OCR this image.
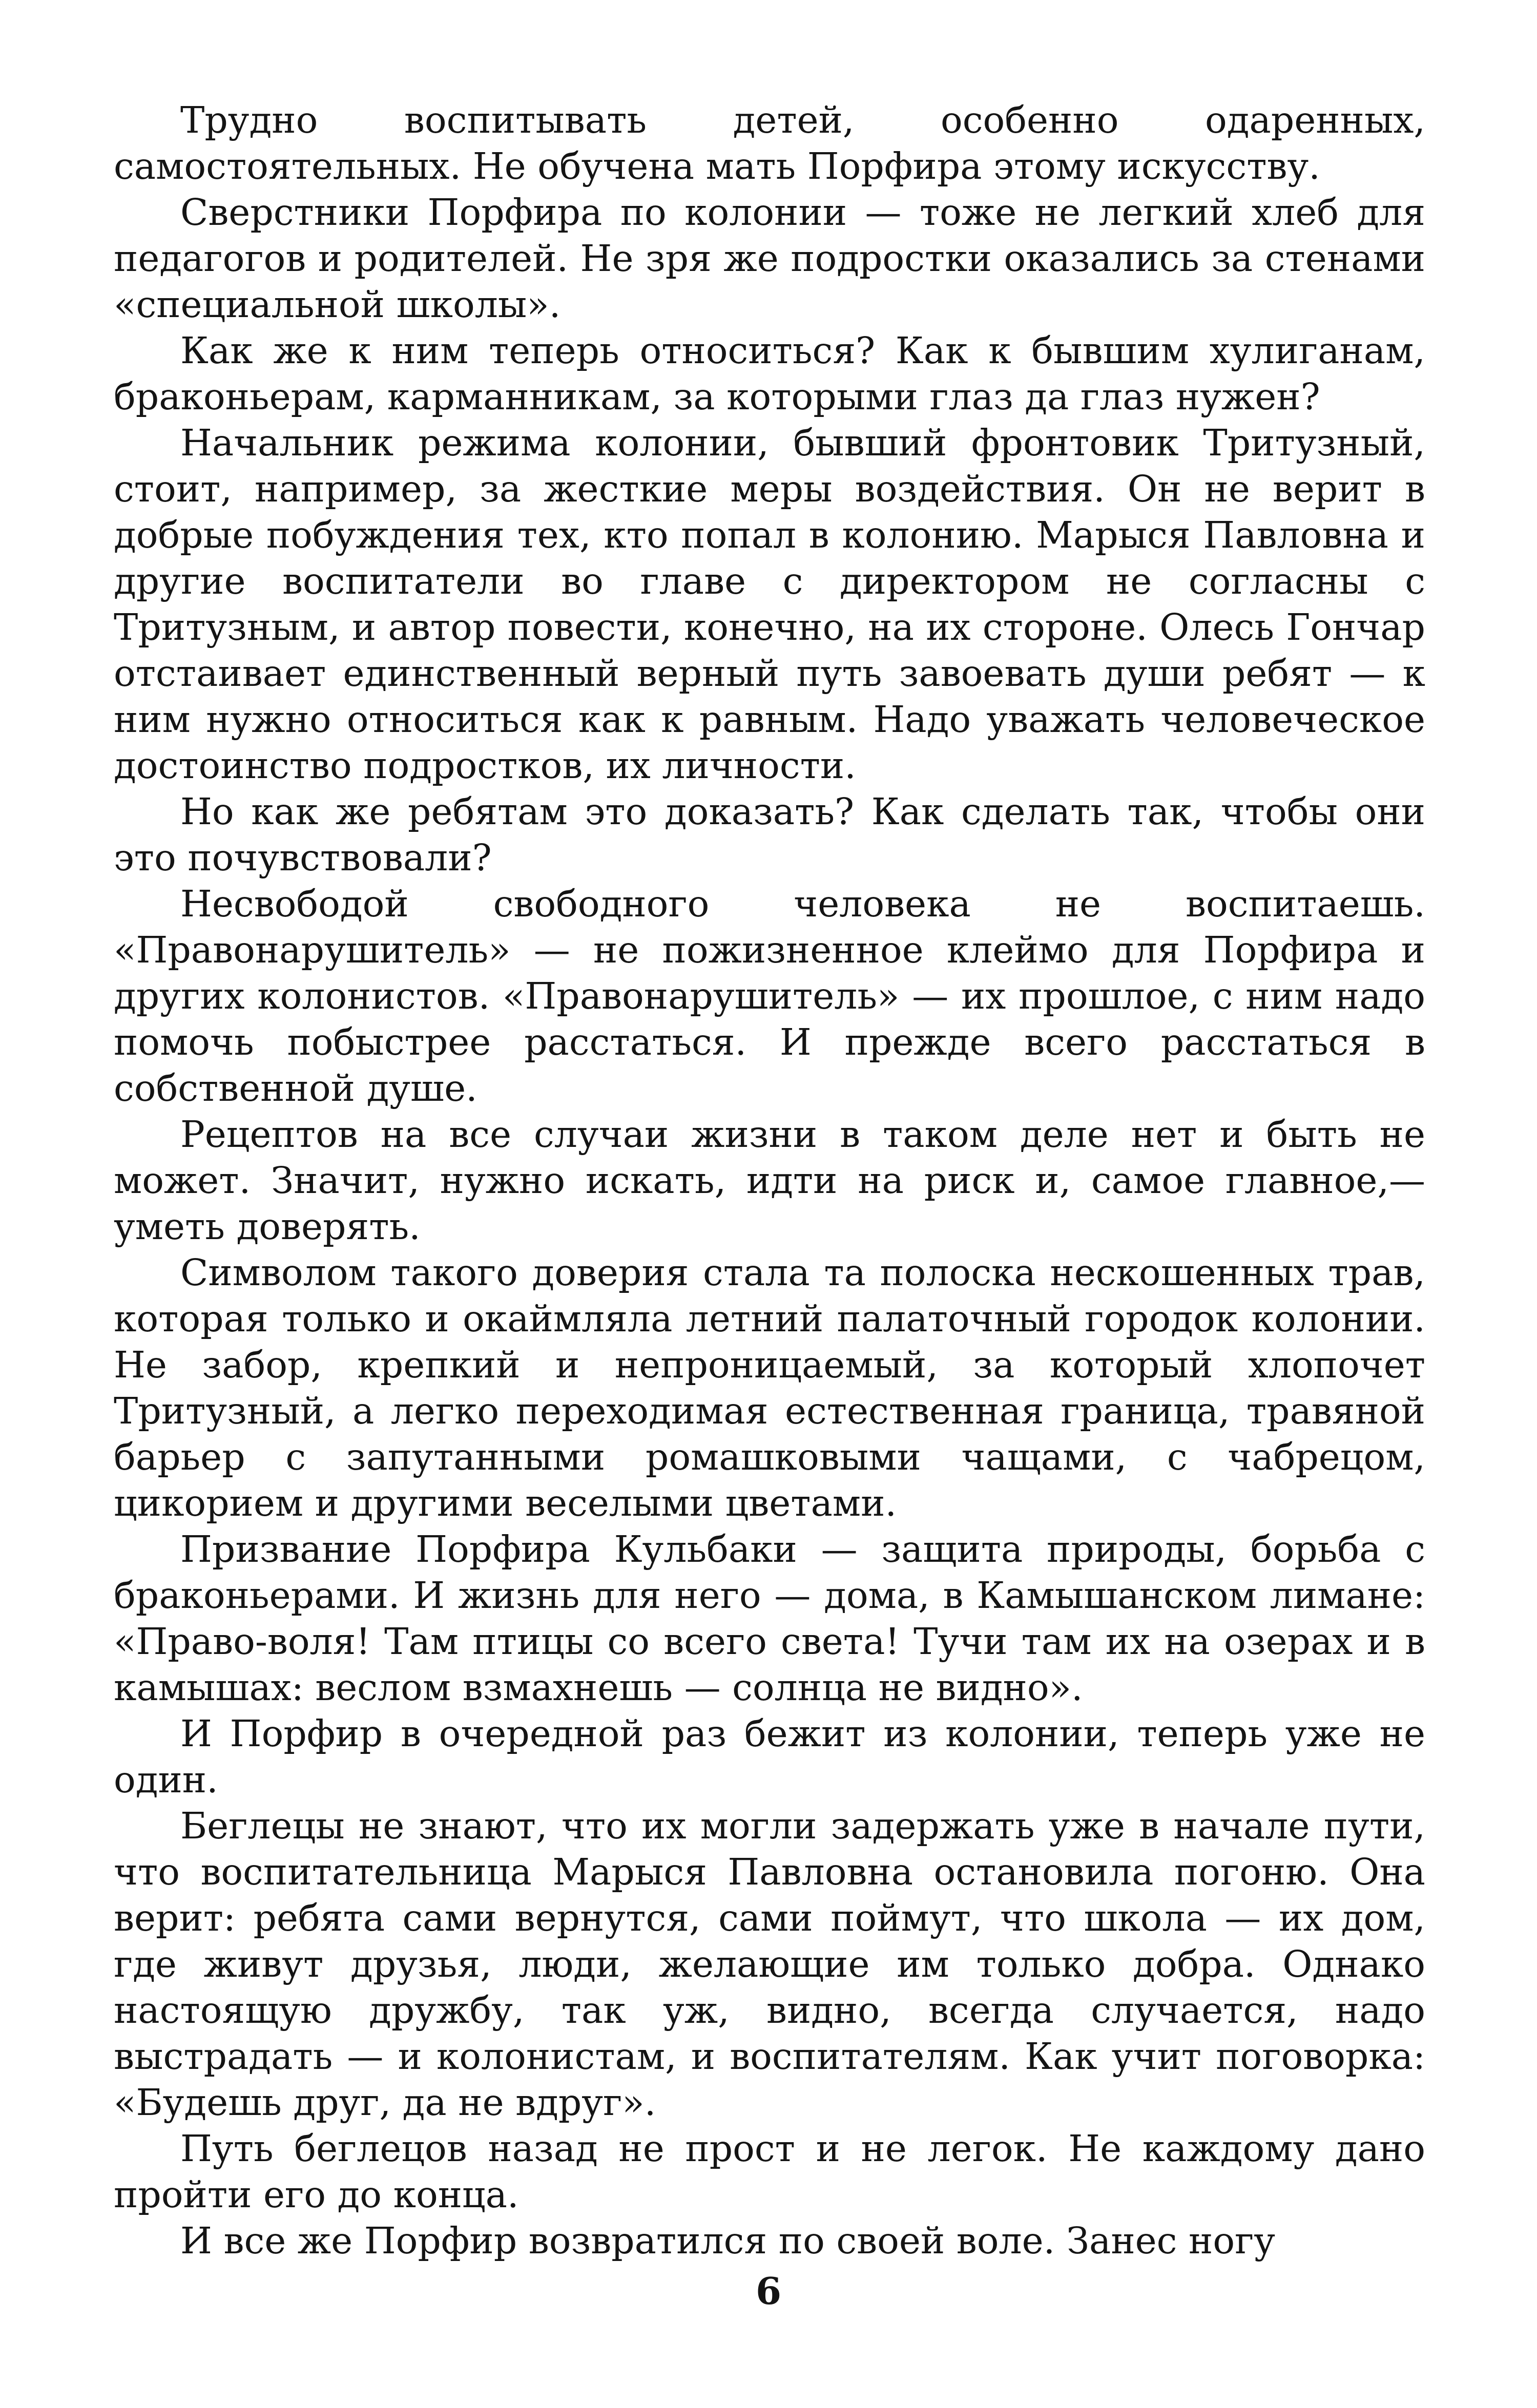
Трудно воспитывать детей, особенно одаренных, самостоятельных. Не обучена мать Порфира этому искусству.

Сверстники Порфира по колонии — тоже не легкий хлеб для педагогов и родителей. Не зря же подростки оказались за стенами «специальной школы».

Как же к ним теперь относиться? Как к бывшим хулиганам, браконьерам, карманникам, за которыми глаз да глаз нужен?

Начальник режима колонии, бывший фронтовик Тритузный, стоит, например, за жесткие меры воздействия. Он не верит в добрые побуждения тех, кто попал в колонию. Марыся Павловна и другие воспитатели во главе с директором не согласны с Тритузным, и автор повести, конечно, на их стороне. Олесь Гончар отстаивает единственный верный путь завоевать души ребят — к ним нужно относиться как к равным. Надо уважать человеческое достоинство подростков, их личности.

Но как же ребятам это доказать? Как сделать так, чтобы они это почувствовали?

Несвободой свободного человека не воспитаешь. «Правонарушитель» — не пожизненное клеймо для Порфира и других колонистов. «Правонарушитель» — их прошлое, с ним надо помочь побыстрее расстаться. И прежде всего расстаться в собственной душе.

Рецептов на все случаи жизни в таком деле нет и быть не может. Значит, нужно искать, идти на риск и, самое главное,— уметь доверять.

Символом такого доверия стала та полоска нескошенных трав, которая только и окаймляла летний палаточный городок колонии. Не забор, крепкий и непроницаемый, за который хлопочет Тритузный, а легко переходимая естественная граница, травяной барьер с запутанными ромашковыми чащами, с чабрецом, цикорием и другими веселыми цветами.

Призвание Порфира Кульбаки — защита природы, борьба с браконьерами. И жизнь для него — дома, в Камышанском лимане: «Право-воля! Там птицы со всего света! Тучи там их на озерах и в камышах: веслом взмахнешь — солнца не видно».

И Порфир в очередной раз бежит из колонии, теперь уже не один.

Беглецы не знают, что их могли задержать уже в начале пути, что воспитательница Марыся Павловна остановила погоню. Она верит: ребята сами вернутся, сами поймут, что школа — их дом, где живут друзья, люди, желающие им только добра. Однако настоящую дружбу, так уж, видно, всегда случается, надо выстрадать — и колонистам, и воспитателям. Как учит поговорка: «Будешь друг, да не вдруг».

Путь беглецов назад не прост и не легок. Не каждому дано пройти его до конца.

И все же Порфир возвратился по своей воле. Занес ногу

6
